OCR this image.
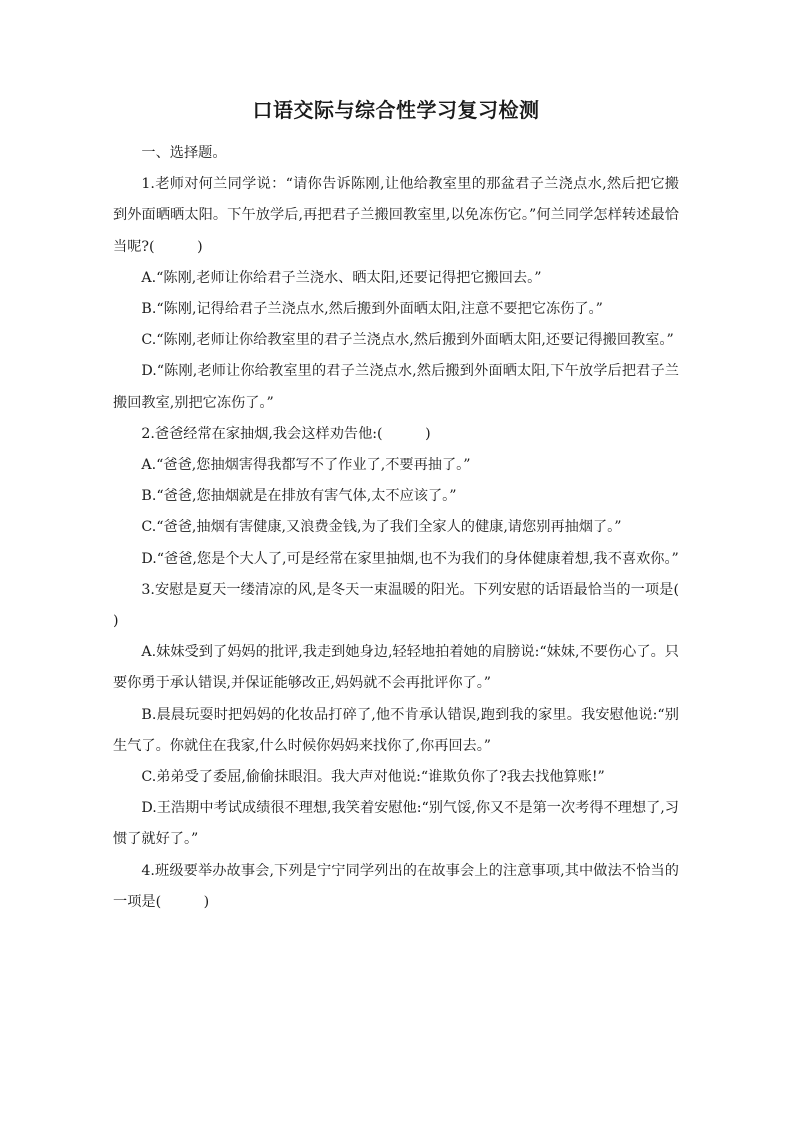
口语交际与综合性学习复习检测

一、选择题。

1.老师对何兰同学说：“请你告诉陈刚,让他给教室里的那盆君子兰浇点水,然后把它搬到外面晒晒太阳。下午放学后,再把君子兰搬回教室里,以免冻伤它。”何兰同学怎样转述最恰当呢?(　　　)

A.“陈刚,老师让你给君子兰浇水、晒太阳,还要记得把它搬回去。”

B.“陈刚,记得给君子兰浇点水,然后搬到外面晒太阳,注意不要把它冻伤了。”

C.“陈刚,老师让你给教室里的君子兰浇点水,然后搬到外面晒太阳,还要记得搬回教室。”

D.“陈刚,老师让你给教室里的君子兰浇点水,然后搬到外面晒太阳,下午放学后把君子兰搬回教室,别把它冻伤了。”

2.爸爸经常在家抽烟,我会这样劝告他:(　　　)

A.“爸爸,您抽烟害得我都写不了作业了,不要再抽了。”

B.“爸爸,您抽烟就是在排放有害气体,太不应该了。”

C.“爸爸,抽烟有害健康,又浪费金钱,为了我们全家人的健康,请您别再抽烟了。”

D.“爸爸,您是个大人了,可是经常在家里抽烟,也不为我们的身体健康着想,我不喜欢你。”

3.安慰是夏天一缕清凉的风,是冬天一束温暖的阳光。下列安慰的话语最恰当的一项是(　　　)

A.妹妹受到了妈妈的批评,我走到她身边,轻轻地拍着她的肩膀说:“妹妹,不要伤心了。只要你勇于承认错误,并保证能够改正,妈妈就不会再批评你了。”

B.晨晨玩耍时把妈妈的化妆品打碎了,他不肯承认错误,跑到我的家里。我安慰他说:“别生气了。你就住在我家,什么时候你妈妈来找你了,你再回去。”

C.弟弟受了委屈,偷偷抹眼泪。我大声对他说:“谁欺负你了?我去找他算账!”

D.王浩期中考试成绩很不理想,我笑着安慰他:“别气馁,你又不是第一次考得不理想了,习惯了就好了。”

4.班级要举办故事会,下列是宁宁同学列出的在故事会上的注意事项,其中做法不恰当的一项是(　　　)
